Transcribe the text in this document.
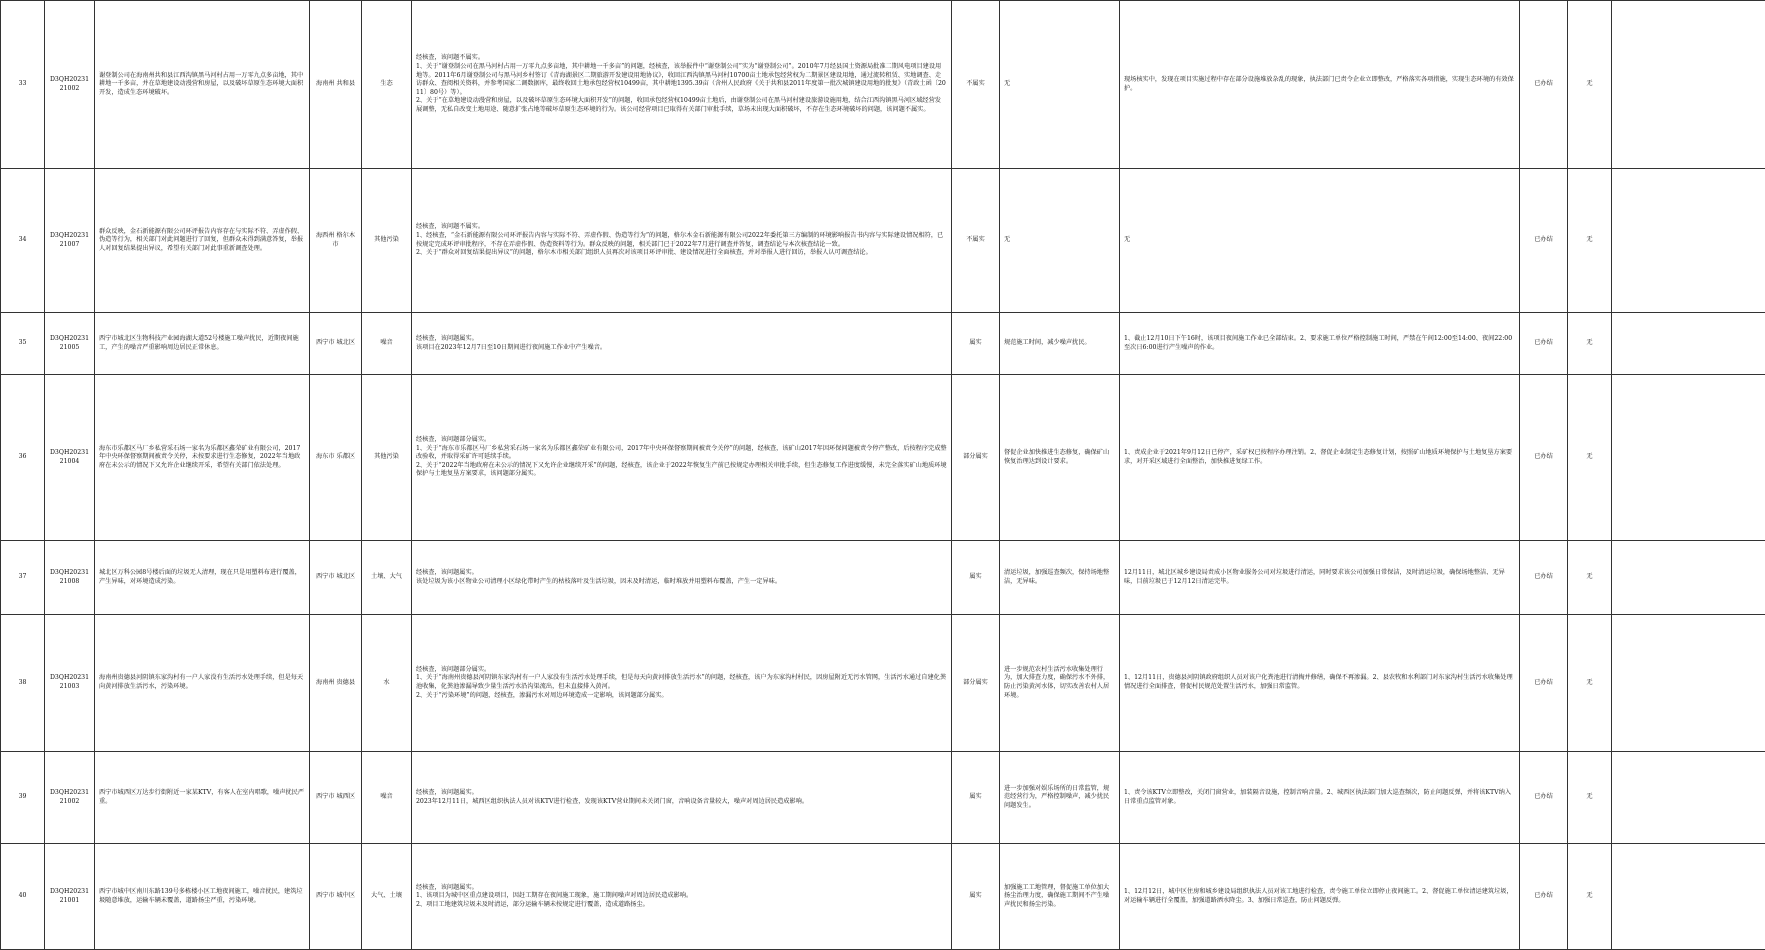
33	D3QH2023121002	谢登制公司在海南州共和县江西沟镇黑马河村占用一万零九点多亩地，其中耕地一千多亩，并在草地建设动漫营和房屋，以及破坏草原生态环境大面积开发，造成生态环境破坏。	海南州 共和县	生态	经核查，该问题不属实。

1、关于“谢登制公司在黑马河村占用一万零九点多亩地，其中耕地一千多亩”的问题，经核查，该举报件中“谢登制公司”实为“谢登制公司”。2010年7月经县国土资源局批准二期风电项目建设用地等。2011年6月谢登制公司与黑马河乡村签订《青海湖景区二期旅游开发建设用地协议》，收回江西沟镇黑马河村10700亩土地承包经营权为二期景区建设用地，通过流转租赁、实地调查、走访群众、查阅相关资料，并参考国家二调数据库，最终收回土地承包经营权10499亩，其中耕地1395.39亩（含州人民政府《关于共和县2011年度第一批次城镇建设用地的批复》（青政土函〔2011〕80号）等）。

2、关于“在草地建设动漫营和房屋，以及破坏草原生态环境大面积开发”的问题，收回承包经营权10499亩土地后，由谢登制公司在黑马河村建设旅游设施用地，结合江西沟镇黑马河区域经营发展调整，无私自改变土地用途、随意扩张占地等破坏草原生态环境的行为。该公司经营项目已取得有关部门审批手续，草场未出现大面积破坏，不存在生态环境破坏的问题，该问题不属实。	不属实	无	现场核实中，发现在项目实施过程中存在部分设施堆放杂乱的现象，执法部门已责令企业立即整改，严格落实各项措施，实现生态环境的有效保护。	已办结	无	
34	D3QH2023121007	群众反映，金石新能源有限公司环评报告内容存在与实际不符、弄虚作假、伪造等行为，相关部门对此问题进行了回复，但群众未得到满意答复，举报人对回复结果提出异议，希望有关部门对此事重新调查处理。	海西州 格尔木市	其他污染	经核查，该问题不属实。

1、经核查，“金石新能源有限公司环评报告内容与实际不符、弄虚作假、伪造等行为”的问题，格尔木金石新能源有限公司2022年委托第三方编制的环境影响报告书内容与实际建设情况相符，已按规定完成环评审批程序，不存在弄虚作假、伪造资料等行为。群众反映的问题，相关部门已于2022年7月进行调查并答复，调查结论与本次核查结论一致。

2、关于“群众对回复结果提出异议”的问题，格尔木市相关部门组织人员再次对该项目环评审批、建设情况进行全面核查，并对举报人进行回访，举报人认可调查结论。	不属实	无	无	已办结	无	
35	D3QH2023121005	西宁市城北区生物科技产业园海湖大道52号楼施工噪声扰民，近期夜间施工，产生的噪音严重影响周边居民正常休息。	西宁市 城北区	噪音	经核查，该问题属实。

该项目在2023年12月7日至10日期间进行夜间施工作业中产生噪音。	属实	规范施工时间，减少噪声扰民。	1、截止12月10日下午16时，该项目夜间施工作业已全部结束。2、要求施工单位严格控制施工时间，严禁在午间12:00至14:00、夜间22:00至次日6:00进行产生噪声的作业。	已办结	无	
36	D3QH2023121004	海东市乐都区马厂乡私营采石场一家名为乐都区鑫荣矿业有限公司，2017年中央环保督察期间被责令关停，未按要求进行生态修复，2022年当地政府在未公示的情况下又允许企业继续开采，希望有关部门依法处理。	海东市 乐都区	其他污染	经核查，该问题部分属实。

1、关于“海东市乐都区马厂乡私营采石场一家名为乐都区鑫荣矿业有限公司，2017年中央环保督察期间被责令关停”的问题，经核查，该矿山2017年因环保问题被责令停产整改，后按程序完成整改验收，并取得采矿许可延续手续。

2、关于“2022年当地政府在未公示的情况下又允许企业继续开采”的问题，经核查，该企业于2022年恢复生产前已按规定办理相关审批手续，但生态修复工作进度缓慢，未完全落实矿山地质环境保护与土地复垦方案要求，该问题部分属实。	部分属实	督促企业加快推进生态修复，确保矿山恢复治理达到设计要求。	1、责成企业于2021年9月12日已停产，采矿权已按程序办理注销。2、督促企业制定生态修复计划，按照矿山地质环境保护与土地复垦方案要求，对开采区域进行全面整治，加快推进复绿工作。	已办结	无	
37	D3QH2023121008	城北区万科公园8号楼后面的垃圾无人清理，现在只是用塑料布进行覆盖，产生异味，对环境造成污染。	西宁市 城北区	土壤、大气	经核查，该问题属实。

该处垃圾为该小区物业公司清理小区绿化带时产生的枯枝落叶及生活垃圾，因未及时清运，临时堆放并用塑料布覆盖，产生一定异味。	属实	清运垃圾，加强巡查频次，保持场地整洁，无异味。	12月11日，城北区城乡建设局责成小区物业服务公司对垃圾进行清运，同时要求该公司加强日常保洁，及时清运垃圾，确保场地整洁、无异味，目前垃圾已于12月12日清运完毕。	已办结	无	
38	D3QH2023121003	海南州贵德县河阴镇东家沟村有一户人家没有生活污水处理手续，但是每天向黄河排放生活污水，污染环境。	海南州 贵德县	水	经核查，该问题部分属实。

1、关于“海南州贵德县河阴镇东家沟村有一户人家没有生活污水处理手续，但是每天向黄河排放生活污水”的问题，经核查，该户为东家沟村村民，因房屋附近无污水管网，生活污水通过自建化粪池收集，化粪池渗漏导致少量生活污水沿沟渠流出，但未直接排入黄河。

2、关于“污染环境”的问题，经核查，渗漏污水对周边环境造成一定影响，该问题部分属实。	部分属实	进一步规范农村生活污水收集处理行为，加大排查力度，确保污水不外排，防止污染黄河水体，切实改善农村人居环境。	1、12月11日，贵德县河阴镇政府组织人员对该户化粪池进行清掏并修缮，确保不再渗漏。2、县农牧和水利部门对东家沟村生活污水收集处理情况进行全面排查，督促村民规范处置生活污水，加强日常监管。	已办结	无	
39	D3QH2023121002	西宁市城西区万达步行街附近一家某KTV，有客人在室内唱歌，噪声扰民严重。	西宁市 城西区	噪音	经核查，该问题属实。

2023年12月11日，城西区组织执法人员对该KTV进行检查，发现该KTV营业期间未关闭门窗，音响设备音量较大，噪声对周边居民造成影响。	属实	进一步加强对娱乐场所的日常监管，规范经营行为，严格控制噪声，减少扰民问题发生。	1、责令该KTV立即整改，关闭门窗营业，加装隔音设施，控制音响音量。2、城西区执法部门加大巡查频次，防止问题反弹，并将该KTV纳入日常重点监管对象。	已办结	无	
40	D3QH2023121001	西宁市城中区南川东路139号多栋楼小区工地夜间施工，噪音扰民，建筑垃圾随意堆放，运输车辆未覆盖，道路扬尘严重，污染环境。	西宁市 城中区	大气、土壤	经核查，该问题属实。

1、该项目为城中区重点建设项目，因赶工期存在夜间施工现象，施工期间噪声对周边居民造成影响。

2、项目工地建筑垃圾未及时清运，部分运输车辆未按规定进行覆盖，造成道路扬尘。	属实	加强施工工地管理，督促施工单位加大扬尘治理力度，确保施工期间不产生噪声扰民和扬尘污染。	1、12月12日，城中区住房和城乡建设局组织执法人员对该工地进行检查，责令施工单位立即停止夜间施工。2、督促施工单位清运建筑垃圾，对运输车辆进行全覆盖，加强道路洒水降尘。3、加强日常巡查，防止问题反弹。	已办结	无	
